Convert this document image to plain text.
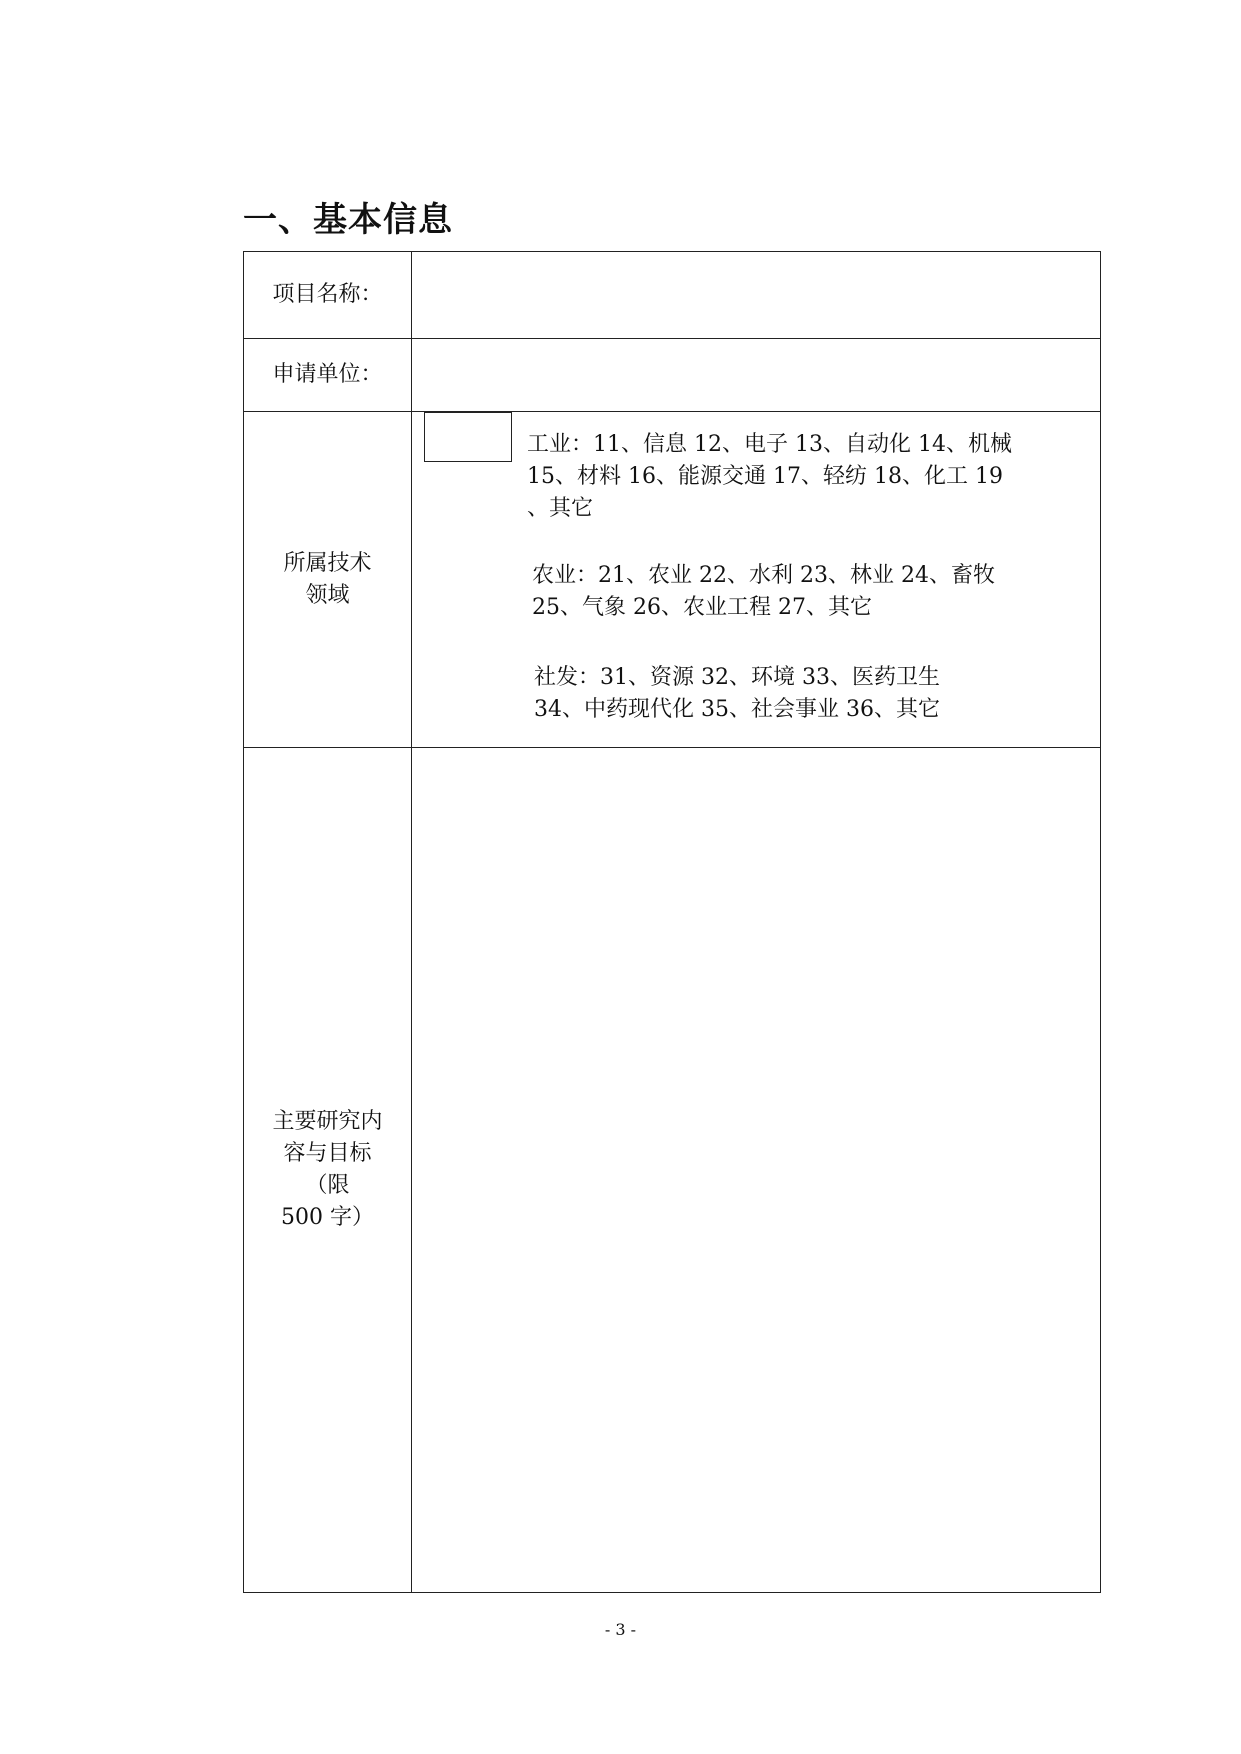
一、基本信息
项目名称：
申请单位：
所属技术
领域
工业：11、信息 12、电子 13、自动化 14、机械
15、材料 16、能源交通 17、轻纺 18、化工 19
、其它
农业：21、农业 22、水利 23、林业 24、畜牧
25、气象 26、农业工程 27、其它
社发：31、资源 32、环境 33、医药卫生
34、中药现代化 35、社会事业 36、其它
主要研究内
容与目标（限
500 字）
- 3 -
